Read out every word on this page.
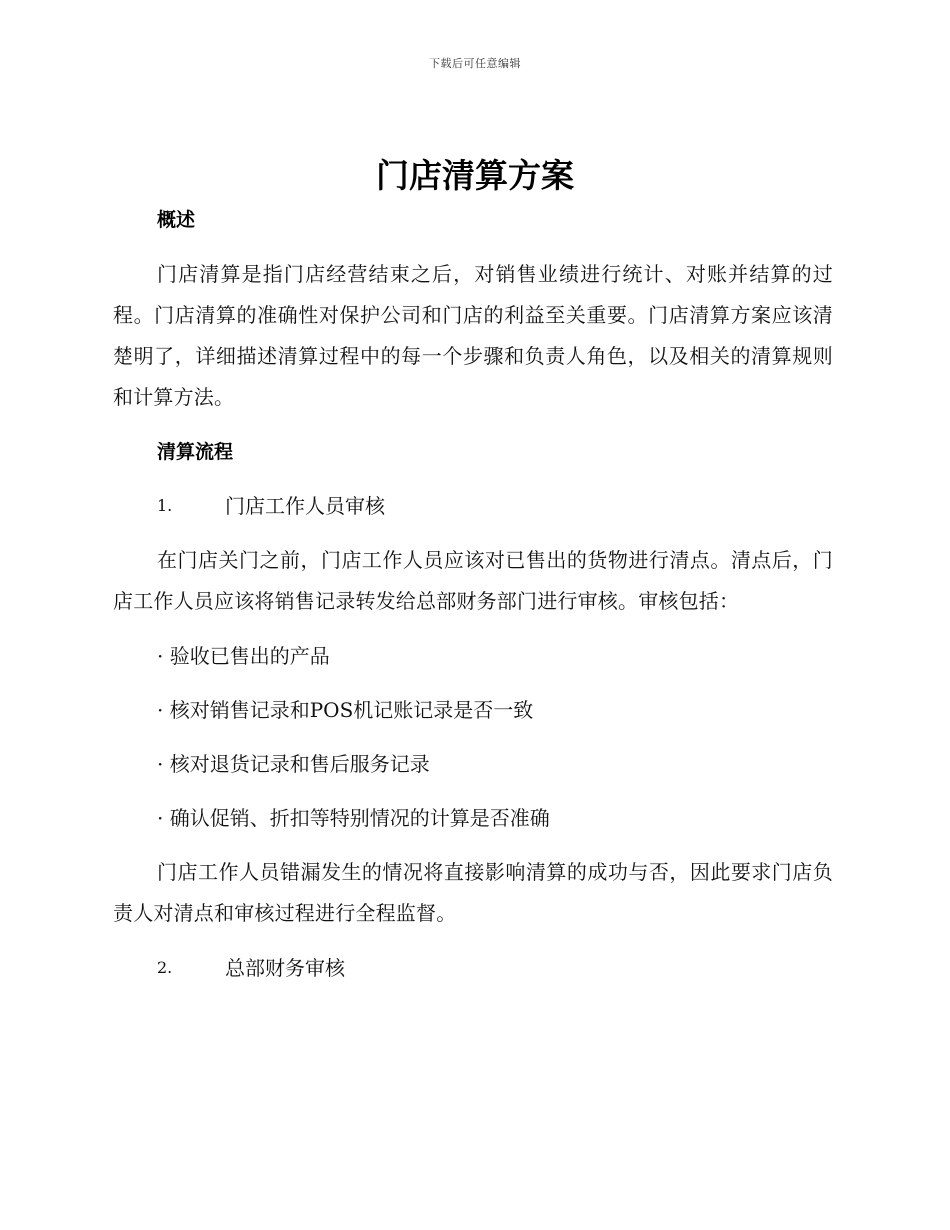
下载后可任意编辑
门店清算方案
概述

门店清算是指门店经营结束之后，对销售业绩进行统计、对账并结算的过程。门店清算的准确性对保护公司和门店的利益至关重要。门店清算方案应该清楚明了，详细描述清算过程中的每一个步骤和负责人角色，以及相关的清算规则和计算方法。

清算流程
1.	门店工作人员审核

在门店关门之前，门店工作人员应该对已售出的货物进行清点。清点后，门店工作人员应该将销售记录转发给总部财务部门进行审核。审核包括：

· 验收已售出的产品
· 核对销售记录和POS机记账记录是否一致
· 核对退货记录和售后服务记录
· 确认促销、折扣等特别情况的计算是否准确

门店工作人员错漏发生的情况将直接影响清算的成功与否，因此要求门店负责人对清点和审核过程进行全程监督。

2.	总部财务审核
